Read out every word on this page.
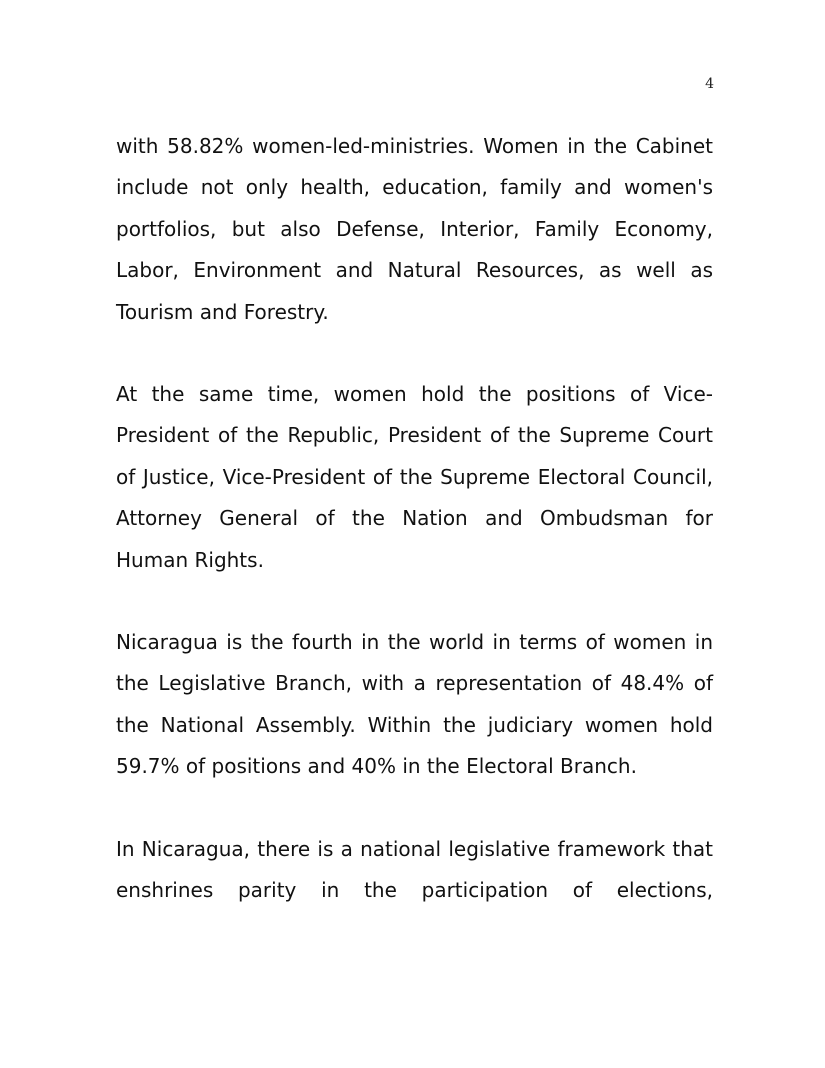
4

with 58.82% women-led-ministries. Women in the Cabinet include not only health, education, family and women's portfolios, but also Defense, Interior, Family Economy, Labor, Environment and Natural Resources, as well as Tourism and Forestry.

At the same time, women hold the positions of Vice-President of the Republic, President of the Supreme Court of Justice, Vice-President of the Supreme Electoral Council, Attorney General of the Nation and Ombudsman for Human Rights.

Nicaragua is the fourth in the world in terms of women in the Legislative Branch, with a representation of 48.4% of the National Assembly. Within the judiciary women hold 59.7% of positions and 40% in the Electoral Branch.

In Nicaragua, there is a national legislative framework that enshrines parity in the participation of elections,
